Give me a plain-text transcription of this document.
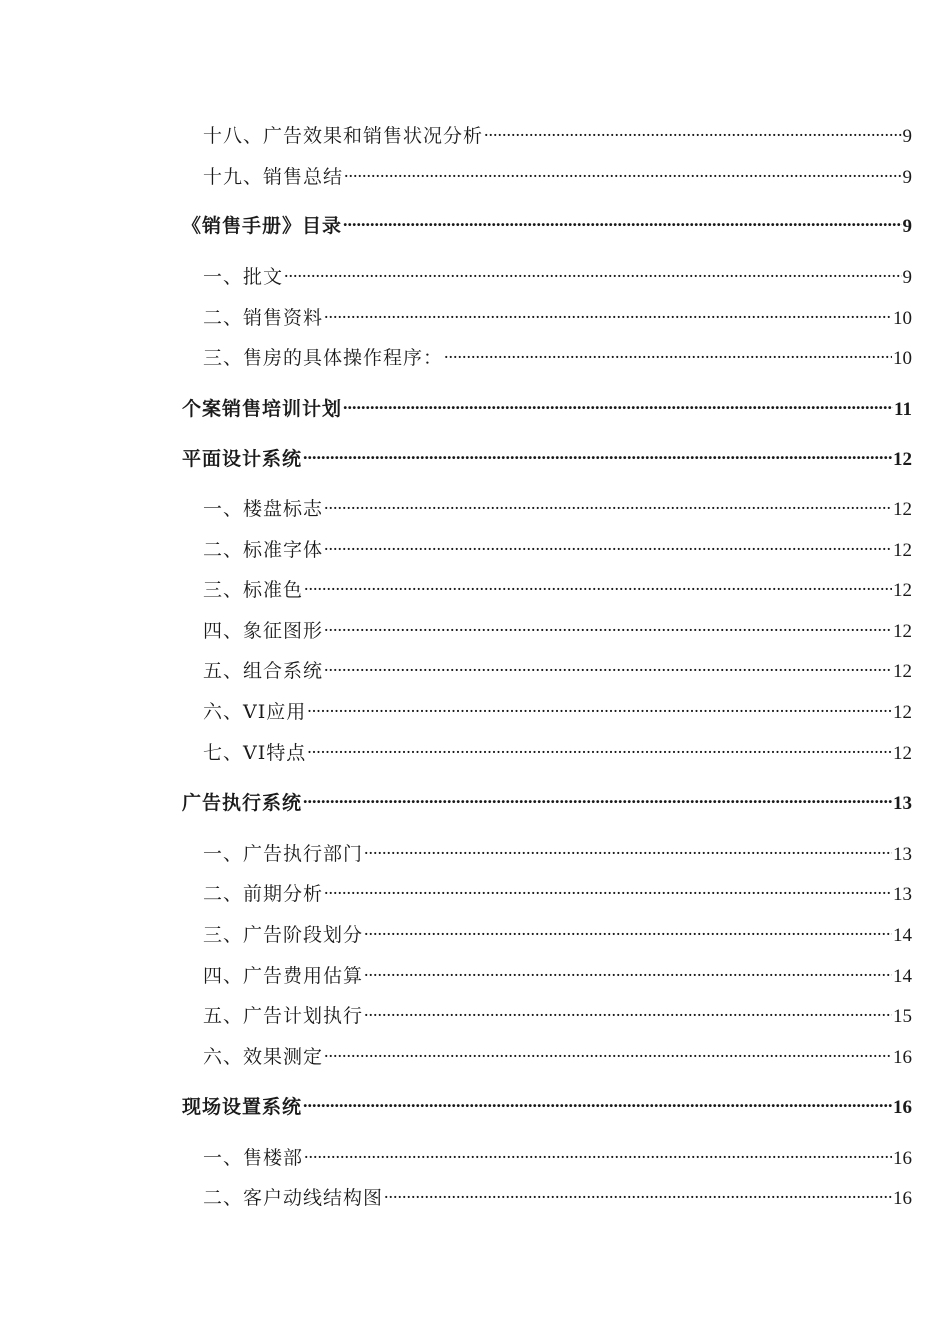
十八、广告效果和销售状况分析 .....	9
十九、销售总结 .....	9
《销售手册》目录 .....	9
一、批文 .....	9
二、销售资料 .....	10
三、售房的具体操作程序： .....	10
个案销售培训计划 .....	11
平面设计系统 .....	12
一、楼盘标志 .....	12
二、标准字体 .....	12
三、标准色 .....	12
四、象征图形 .....	12
五、组合系统 .....	12
六、VI应用 .....	12
七、VI特点 .....	12
广告执行系统 .....	13
一、广告执行部门 .....	13
二、前期分析 .....	13
三、广告阶段划分 .....	14
四、广告费用估算 .....	14
五、广告计划执行 .....	15
六、效果测定 .....	16
现场设置系统 .....	16
一、售楼部 .....	16
二、客户动线结构图 .....	16
